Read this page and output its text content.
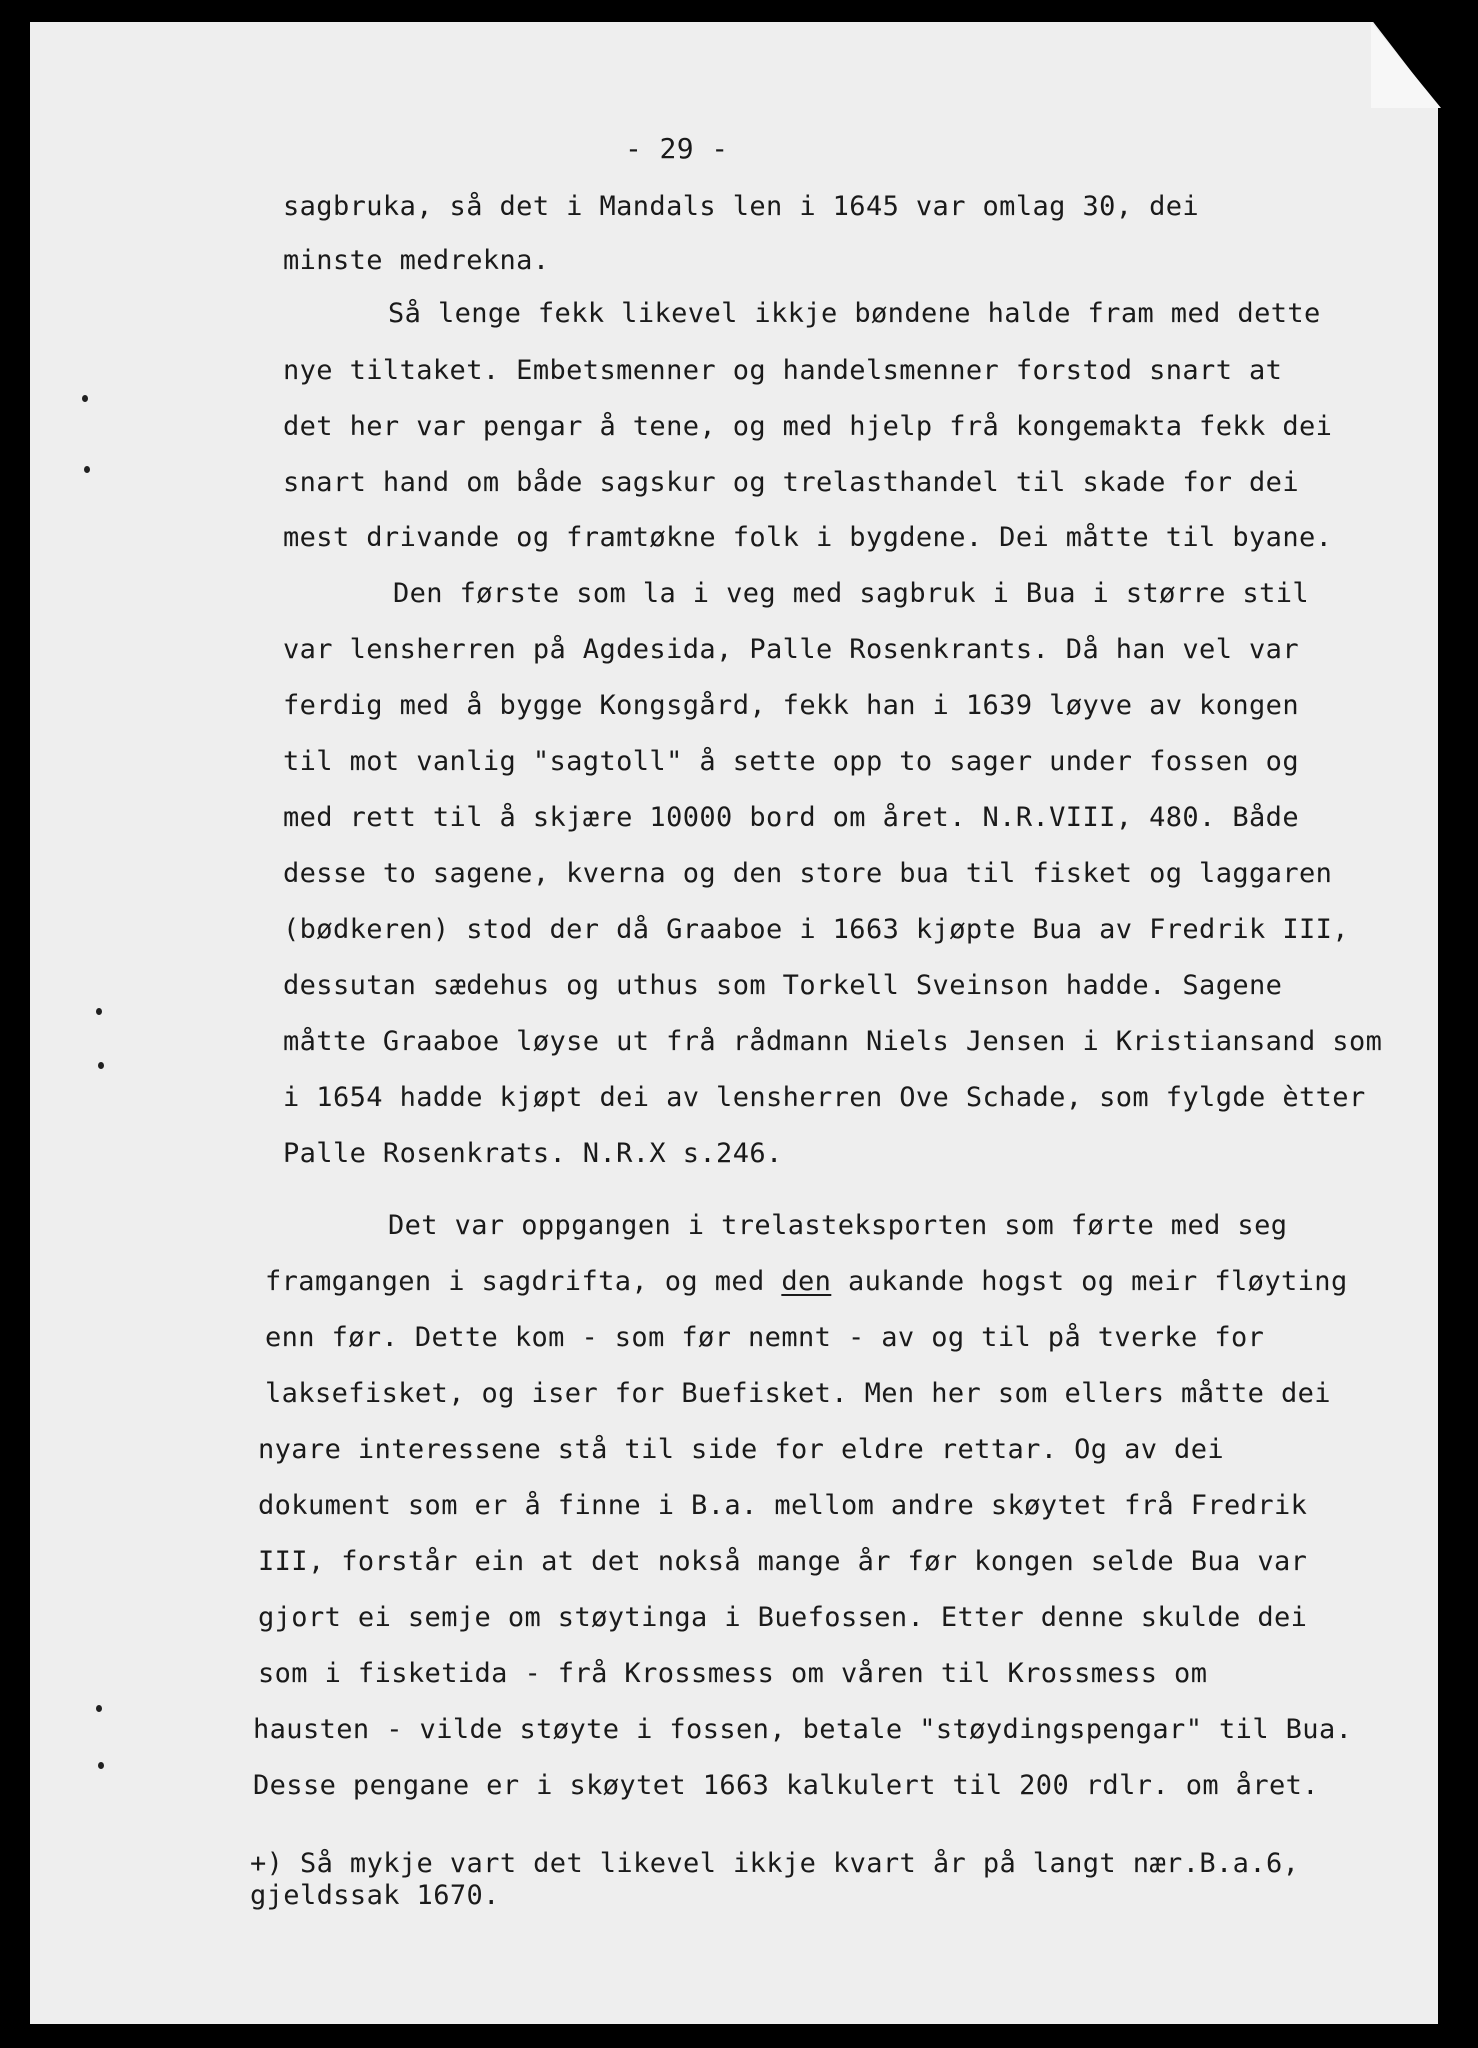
- 29 -
sagbruka, så det i Mandals len i 1645 var omlag 30, dei
minste medrekna.
Så lenge fekk likevel ikkje bøndene halde fram med dette
nye tiltaket. Embetsmenner og handelsmenner forstod snart at
det her var pengar å tene, og med hjelp frå kongemakta fekk dei
snart hand om både sagskur og trelasthandel til skade for dei
mest drivande og framtøkne folk i bygdene. Dei måtte til byane.
Den første som la i veg med sagbruk i Bua i større stil
var lensherren på Agdesida, Palle Rosenkrants. Då han vel var
ferdig med å bygge Kongsgård, fekk han i 1639 løyve av kongen
til mot vanlig "sagtoll" å sette opp to sager under fossen og
med rett til å skjære 10000 bord om året. N.R.VIII, 480. Både
desse to sagene, kverna og den store bua til fisket og laggaren
(bødkeren) stod der då Graaboe i 1663 kjøpte Bua av Fredrik III,
dessutan sædehus og uthus som Torkell Sveinson hadde. Sagene
måtte Graaboe løyse ut frå rådmann Niels Jensen i Kristiansand som
i 1654 hadde kjøpt dei av lensherren Ove Schade, som fylgde ètter
Palle Rosenkrats. N.R.X s.246.
Det var oppgangen i trelasteksporten som førte med seg
framgangen i sagdrifta, og med den aukande hogst og meir fløyting
enn før. Dette kom - som før nemnt - av og til på tverke for
laksefisket, og iser for Buefisket. Men her som ellers måtte dei
nyare interessene stå til side for eldre rettar. Og av dei
dokument som er å finne i B.a. mellom andre skøytet frå Fredrik
III, forstår ein at det nokså mange år før kongen selde Bua var
gjort ei semje om støytinga i Buefossen. Etter denne skulde dei
som i fisketida - frå Krossmess om våren til Krossmess om
hausten - vilde støyte i fossen, betale "støydingspengar" til Bua.
Desse pengane er i skøytet 1663 kalkulert til 200 rdlr. om året.
+) Så mykje vart det likevel ikkje kvart år på langt nær.B.a.6,
gjeldssak 1670.
